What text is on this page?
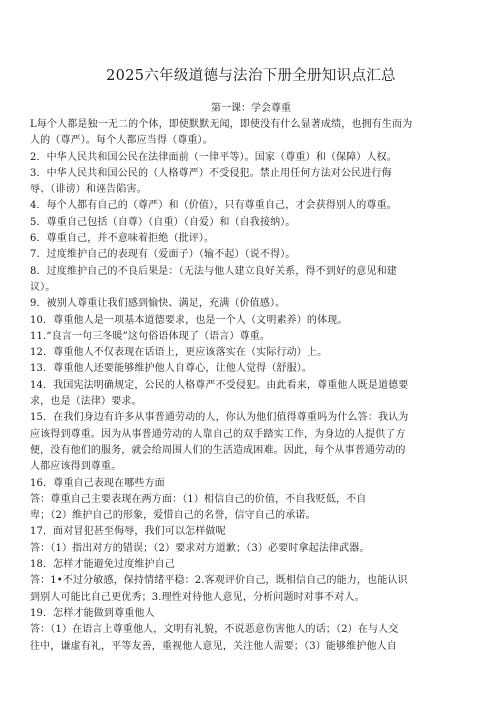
2025六年级道德与法治下册全册知识点汇总
第一课：学会尊重

L每个人都是独一无二的个体，即使默默无闻，即使没有什么显著成绩，也拥有生而为

人的（尊严）。每个人都应当得（尊重）。

2．中华人民共和国公民在法律面前（一律平等）。国家（尊重）和（保障）人权。

3．中华人民共和国公民的（人格尊严）不受侵犯。禁止用任何方法对公民进行侮

辱、（诽谤）和诬告陷害。

4．每个人都有自己的（尊严）和（价值），只有尊重自己，才会获得别人的尊重。

5．尊重自己包括（自尊）（自重）（自爱）和（自我接纳）。

6．尊重自己，并不意味着拒绝（批评）。

7．过度维护自己的表现有（爱面子）（输不起）（说不得）。

8．过度维护自己的不良后果是：（无法与他人建立良好关系，得不到好的意见和建

议）。

9．被别人尊重让我们感到愉快、满足，充满（价值感）。

10．尊重他人是一项基本道德要求，也是一个人（文明素养）的体现。

11.“良言一句三冬暖”这句俗语体现了（语言）尊重。

12．尊重他人不仅表现在话语上，更应该落实在（实际行动）上。

13．尊重他人还要能够维护他人自尊心，让他人觉得（舒服）。

14．我国宪法明确规定，公民的人格尊严不受侵犯。由此看来，尊重他人既是道德要

求，也是（法律）要求。

15．在我们身边有许多从事普通劳动的人，你认为他们值得尊重吗为什么答：我认为

应该得到尊重。因为从事普通劳动的人靠自己的双手踏实工作，为身边的人提供了方

便，没有他们的服务，就会给周围人们的生活造成困难。因此，每个从事普通劳动的

人都应该得到尊重。

16．尊重自己表现在哪些方面

答：尊重自己主要表现在两方面：（1）相信自己的价值，不自我贬低，不自

卑；（2）维护自己的形象，爱惜自己的名誉，信守自己的承诺。

17．面对冒犯甚至侮辱，我们可以怎样做呢

答：（1）指出对方的错误；（2）要求对方道歉；（3）必要时拿起法律武器。

18．怎样才能避免过度维护自己

答：1•不过分敏感，保持情绪平稳：2.客观评价自己，既相信自己的能力，也能认识

到别人可能比自己更优秀；3.理性对待他人意见，分析问题时对事不对人。

19．怎样才能做到尊重他人

答：（1）在语言上尊重他人，文明有礼貌，不说恶意伤害他人的话；（2）在与人交

往中，谦虚有礼，平等友善，重视他人意见，关注他人需要；（3）能够维护他人自
